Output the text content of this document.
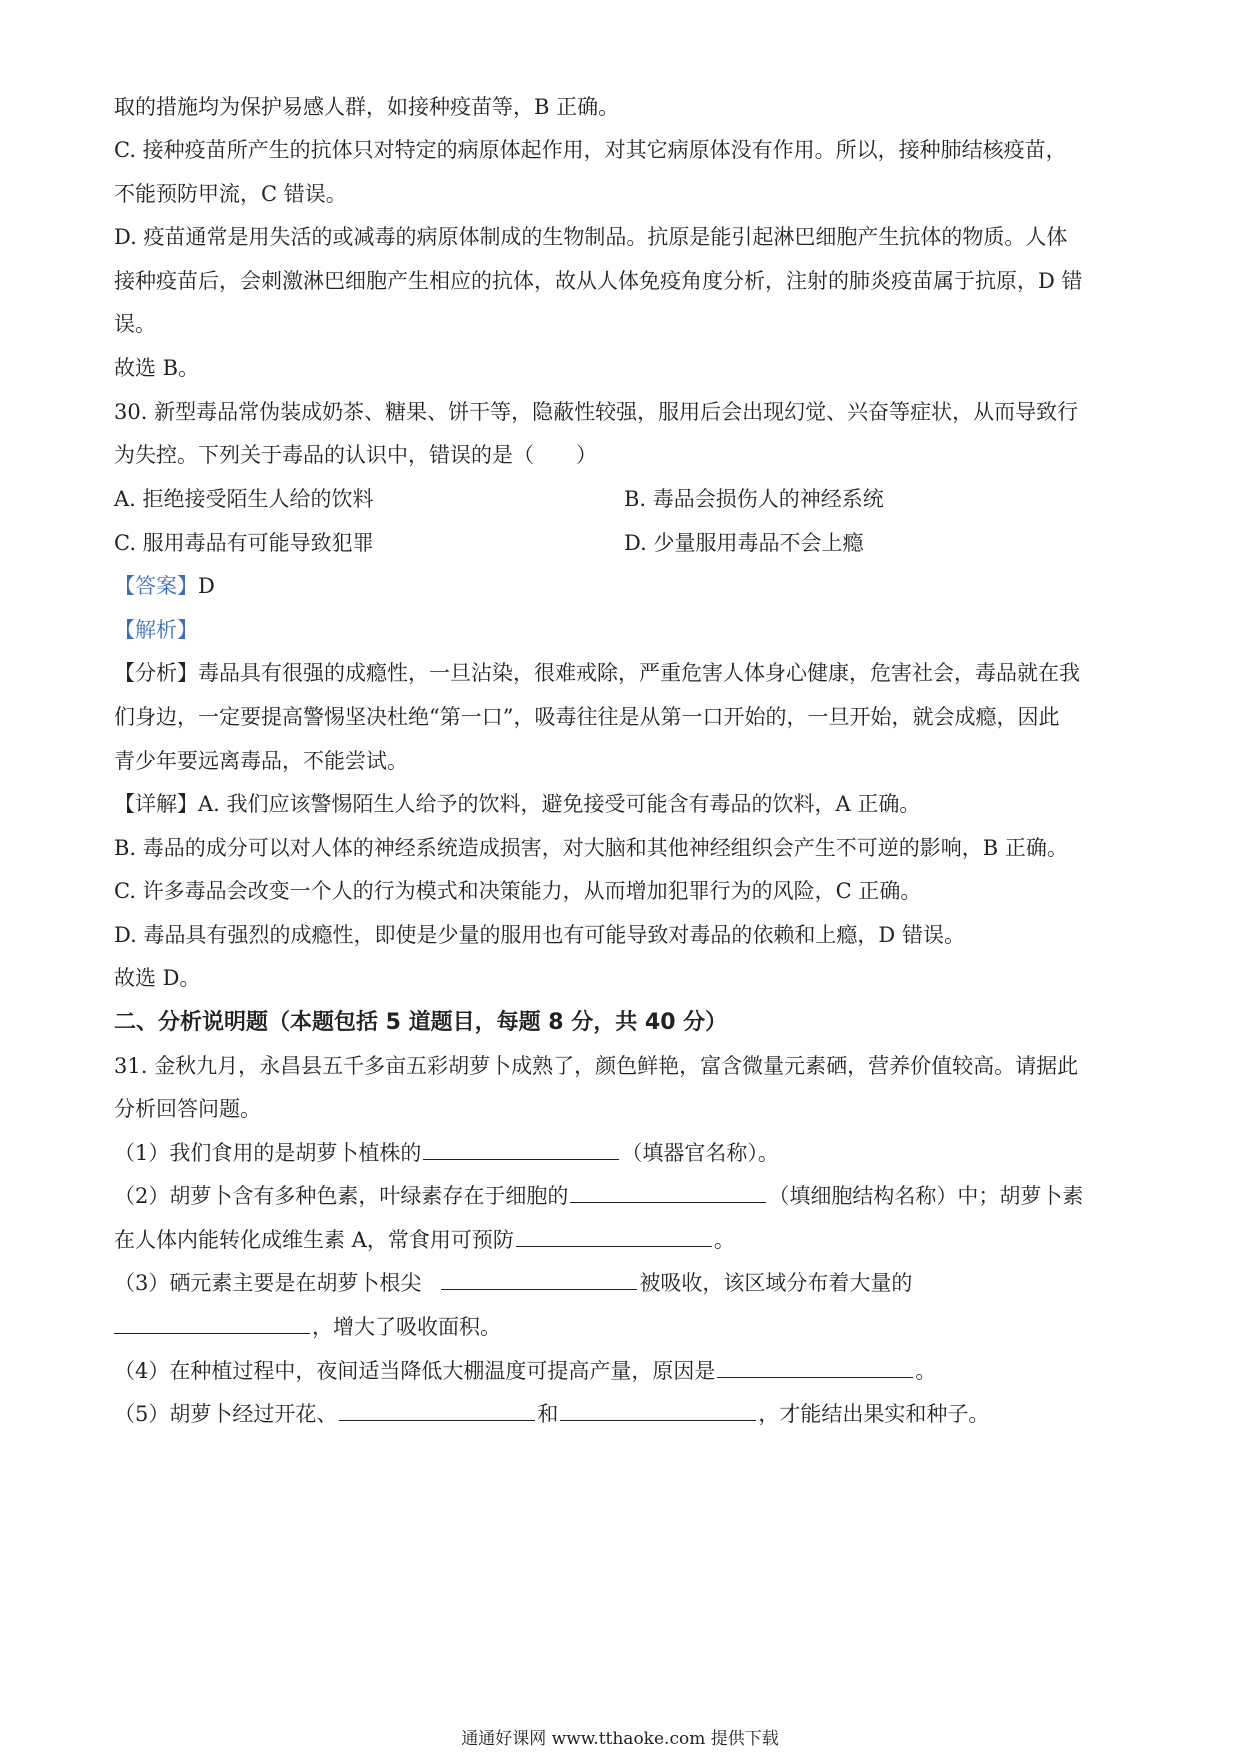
取的措施均为保护易感人群，如接种疫苗等，B 正确。
C. 接种疫苗所产生的抗体只对特定的病原体起作用，对其它病原体没有作用。所以，接种肺结核疫苗，
不能预防甲流，C 错误。
D. 疫苗通常是用失活的或减毒的病原体制成的生物制品。抗原是能引起淋巴细胞产生抗体的物质。人体
接种疫苗后，会刺激淋巴细胞产生相应的抗体，故从人体免疫角度分析，注射的肺炎疫苗属于抗原，D 错
误。
故选 B。
30. 新型毒品常伪装成奶茶、糖果、饼干等，隐蔽性较强，服用后会出现幻觉、兴奋等症状，从而导致行
为失控。下列关于毒品的认识中，错误的是（　　）
A. 拒绝接受陌生人给的饮料	B. 毒品会损伤人的神经系统
C. 服用毒品有可能导致犯罪	D. 少量服用毒品不会上瘾
【答案】D
【解析】
【分析】毒品具有很强的成瘾性，一旦沾染，很难戒除，严重危害人体身心健康，危害社会，毒品就在我
们身边，一定要提高警惕坚决杜绝“第一口”，吸毒往往是从第一口开始的，一旦开始，就会成瘾，因此
青少年要远离毒品，不能尝试。
【详解】A. 我们应该警惕陌生人给予的饮料，避免接受可能含有毒品的饮料，A 正确。
B. 毒品的成分可以对人体的神经系统造成损害，对大脑和其他神经组织会产生不可逆的影响，B 正确。
C. 许多毒品会改变一个人的行为模式和决策能力，从而增加犯罪行为的风险，C 正确。
D. 毒品具有强烈的成瘾性，即使是少量的服用也有可能导致对毒品的依赖和上瘾，D 错误。
故选 D。
二、分析说明题（本题包括 5 道题目，每题 8 分，共 40 分）
31. 金秋九月，永昌县五千多亩五彩胡萝卜成熟了，颜色鲜艳，富含微量元素硒，营养价值较高。请据此
分析回答问题。
（1）我们食用的是胡萝卜植株的	（填器官名称）。
（2）胡萝卜含有多种色素，叶绿素存在于细胞的	（填细胞结构名称）中；胡萝卜素
在人体内能转化成维生素 A，常食用可预防	。
（3）硒元素主要是在胡萝卜根尖	被吸收，该区域分布着大量的
，增大了吸收面积。
（4）在种植过程中，夜间适当降低大棚温度可提高产量，原因是	。
（5）胡萝卜经过开花、	和	，才能结出果实和种子。
通通好课网 www.tthaoke.com 提供下载
